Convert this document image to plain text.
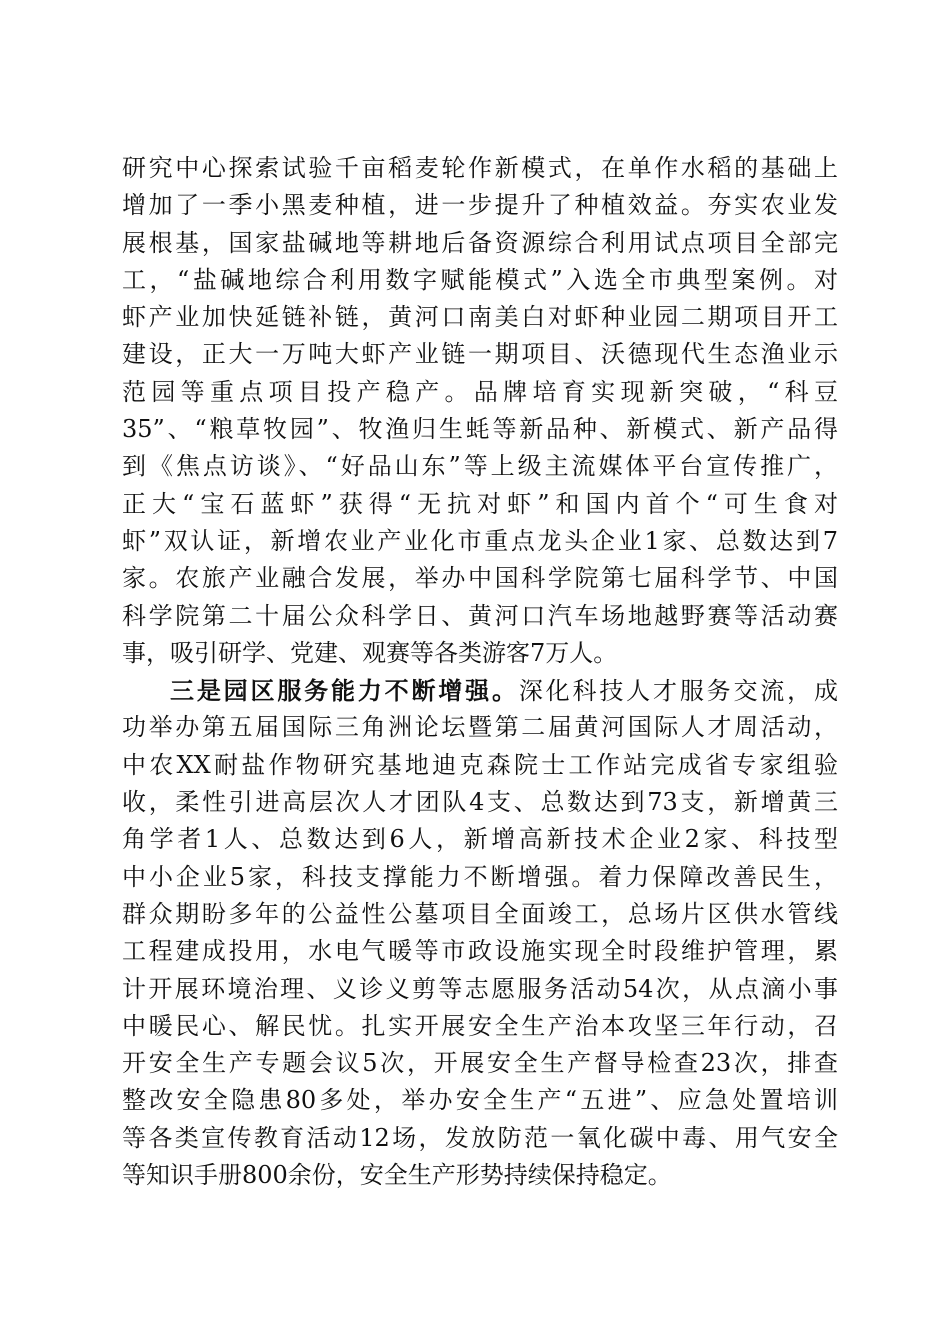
研究中心探索试验千亩稻麦轮作新模式，在单作水稻的基础上
增加了一季小黑麦种植，进一步提升了种植效益。夯实农业发
展根基，国家盐碱地等耕地后备资源综合利用试点项目全部完
工，“盐碱地综合利用数字赋能模式”入选全市典型案例。对
虾产业加快延链补链，黄河口南美白对虾种业园二期项目开工
建设，正大一万吨大虾产业链一期项目、沃德现代生态渔业示
范园等重点项目投产稳产。品牌培育实现新突破，“科豆
35”、“粮草牧园”、牧渔归生蚝等新品种、新模式、新产品得
到《焦点访谈》、“好品山东”等上级主流媒体平台宣传推广，
正大“宝石蓝虾”获得“无抗对虾”和国内首个“可生食对
虾”双认证，新增农业产业化市重点龙头企业1家、总数达到7
家。农旅产业融合发展，举办中国科学院第七届科学节、中国
科学院第二十届公众科学日、黄河口汽车场地越野赛等活动赛
事，吸引研学、党建、观赛等各类游客7万人。
三是园区服务能力不断增强。深化科技人才服务交流，成
功举办第五届国际三角洲论坛暨第二届黄河国际人才周活动，
中农XX耐盐作物研究基地迪克森院士工作站完成省专家组验
收，柔性引进高层次人才团队4支、总数达到73支，新增黄三
角学者1人、总数达到6人，新增高新技术企业2家、科技型
中小企业5家，科技支撑能力不断增强。着力保障改善民生，
群众期盼多年的公益性公墓项目全面竣工，总场片区供水管线
工程建成投用，水电气暖等市政设施实现全时段维护管理，累
计开展环境治理、义诊义剪等志愿服务活动54次，从点滴小事
中暖民心、解民忧。扎实开展安全生产治本攻坚三年行动，召
开安全生产专题会议5次，开展安全生产督导检查23次，排查
整改安全隐患80多处，举办安全生产“五进”、应急处置培训
等各类宣传教育活动12场，发放防范一氧化碳中毒、用气安全
等知识手册800余份，安全生产形势持续保持稳定。
